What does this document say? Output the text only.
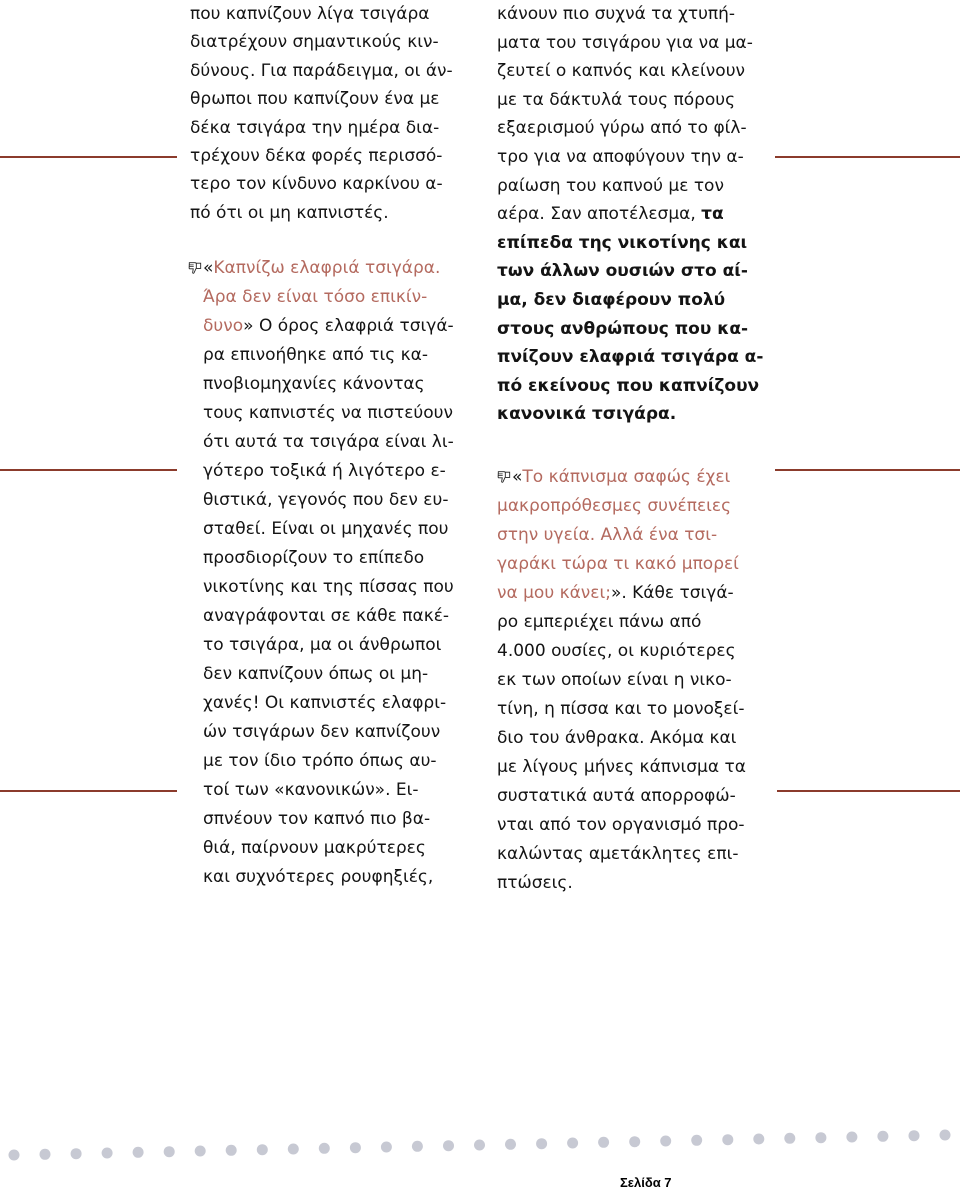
που καπνίζουν λίγα τσιγάρα
διατρέχουν σημαντικούς κιν-
δύνους. Για παράδειγμα, οι άν-
θρωποι που καπνίζουν ένα με
δέκα τσιγάρα την ημέρα δια-
τρέχουν δέκα φορές περισσό-
τερο τον κίνδυνο καρκίνου α-
πό ότι οι μη καπνιστές.
«Καπνίζω ελαφριά τσιγάρα.
Άρα δεν είναι τόσο επικίν-
δυνο» Ο όρος ελαφριά τσιγά-
ρα επινοήθηκε από τις κα-
πνοβιομηχανίες κάνοντας
τους καπνιστές να πιστεύουν
ότι αυτά τα τσιγάρα είναι λι-
γότερο τοξικά ή λιγότερο ε-
θιστικά, γεγονός που δεν ευ-
σταθεί. Είναι οι μηχανές που
προσδιορίζουν το επίπεδο
νικοτίνης και της πίσσας που
αναγράφονται σε κάθε πακέ-
το τσιγάρα, μα οι άνθρωποι
δεν καπνίζουν όπως οι μη-
χανές! Οι καπνιστές ελαφρι-
ών τσιγάρων δεν καπνίζουν
με τον ίδιο τρόπο όπως αυ-
τοί των «κανονικών». Ει-
σπνέουν τον καπνό πιο βα-
θιά, παίρνουν μακρύτερες
και συχνότερες ρουφηξιές,
κάνουν πιο συχνά τα χτυπή-
ματα του τσιγάρου για να μα-
ζευτεί ο καπνός και κλείνουν
με τα δάκτυλά τους πόρους
εξαερισμού γύρω από το φίλ-
τρο για να αποφύγουν την α-
ραίωση του καπνού με τον
αέρα. Σαν αποτέλεσμα, τα
επίπεδα της νικοτίνης και
των άλλων ουσιών στο αί-
μα, δεν διαφέρουν πολύ
στους ανθρώπους που κα-
πνίζουν ελαφριά τσιγάρα α-
πό εκείνους που καπνίζουν
κανονικά τσιγάρα.
«Το κάπνισμα σαφώς έχει
μακροπρόθεσμες συνέπειες
στην υγεία. Αλλά ένα τσι-
γαράκι τώρα τι κακό μπορεί
να μου κάνει;». Κάθε τσιγά-
ρο εμπεριέχει πάνω από
4.000 ουσίες, οι κυριότερες
εκ των οποίων είναι η νικο-
τίνη, η πίσσα και το μονοξεί-
διο του άνθρακα. Ακόμα και
με λίγους μήνες κάπνισμα τα
συστατικά αυτά απορροφώ-
νται από τον οργανισμό προ-
καλώντας αμετάκλητες επι-
πτώσεις.
Σελίδα 7
